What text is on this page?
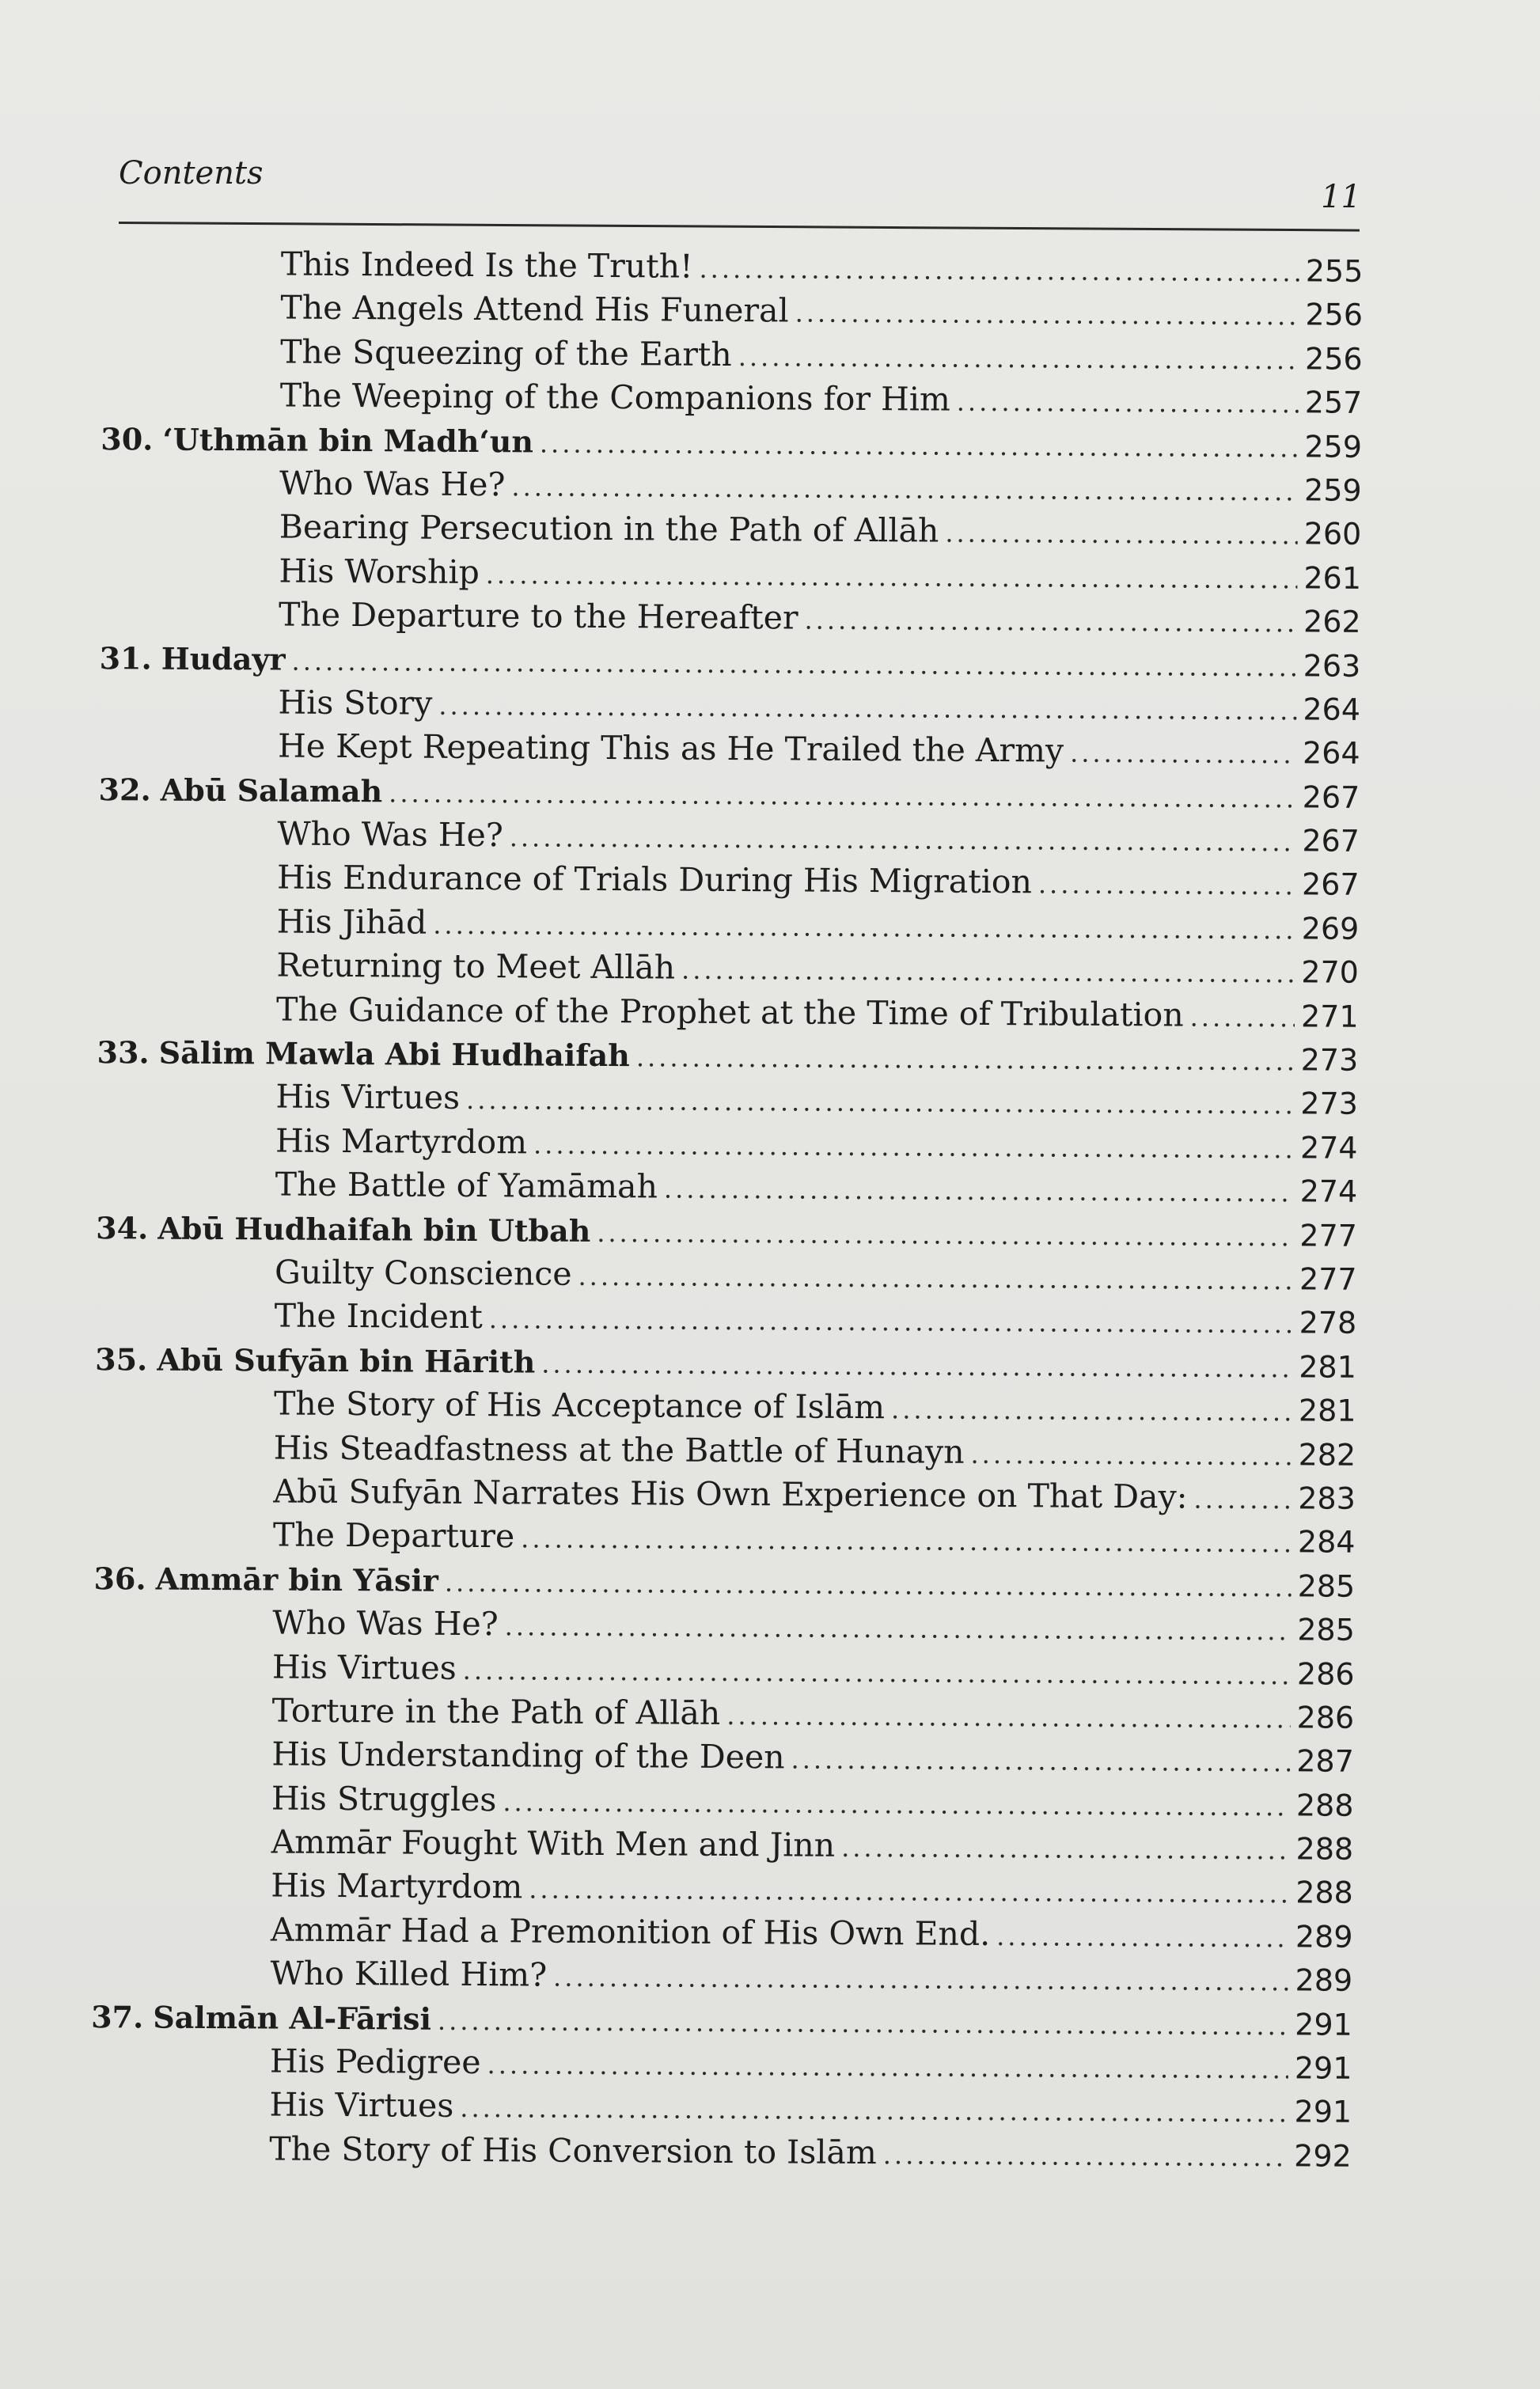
Contents
11
This Indeed Is the Truth! .....	255
The Angels Attend His Funeral .....	256
The Squeezing of the Earth .....	256
The Weeping of the Companions for Him .....	257
30. ‘Uthmān bin Madh‘un .....	259
Who Was He? .....	259
Bearing Persecution in the Path of Allāh .....	260
His Worship .....	261
The Departure to the Hereafter .....	262
31. Hudayr .....	263
His Story .....	264
He Kept Repeating This as He Trailed the Army .....	264
32. Abū Salamah .....	267
Who Was He? .....	267
His Endurance of Trials During His Migration .....	267
His Jihād .....	269
Returning to Meet Allāh .....	270
The Guidance of the Prophet at the Time of Tribulation .....	271
33. Sālim Mawla Abi Hudhaifah .....	273
His Virtues .....	273
His Martyrdom .....	274
The Battle of Yamāmah .....	274
34. Abū Hudhaifah bin Utbah .....	277
Guilty Conscience .....	277
The Incident .....	278
35. Abū Sufyān bin Hārith .....	281
The Story of His Acceptance of Islām .....	281
His Steadfastness at the Battle of Hunayn .....	282
Abū Sufyān Narrates His Own Experience on That Day: .....	283
The Departure .....	284
36. Ammār bin Yāsir .....	285
Who Was He? .....	285
His Virtues .....	286
Torture in the Path of Allāh .....	286
His Understanding of the Deen .....	287
His Struggles .....	288
Ammār Fought With Men and Jinn .....	288
His Martyrdom .....	288
Ammār Had a Premonition of His Own End. .....	289
Who Killed Him? .....	289
37. Salmān Al-Fārisi .....	291
His Pedigree .....	291
His Virtues .....	291
The Story of His Conversion to Islām .....	292
